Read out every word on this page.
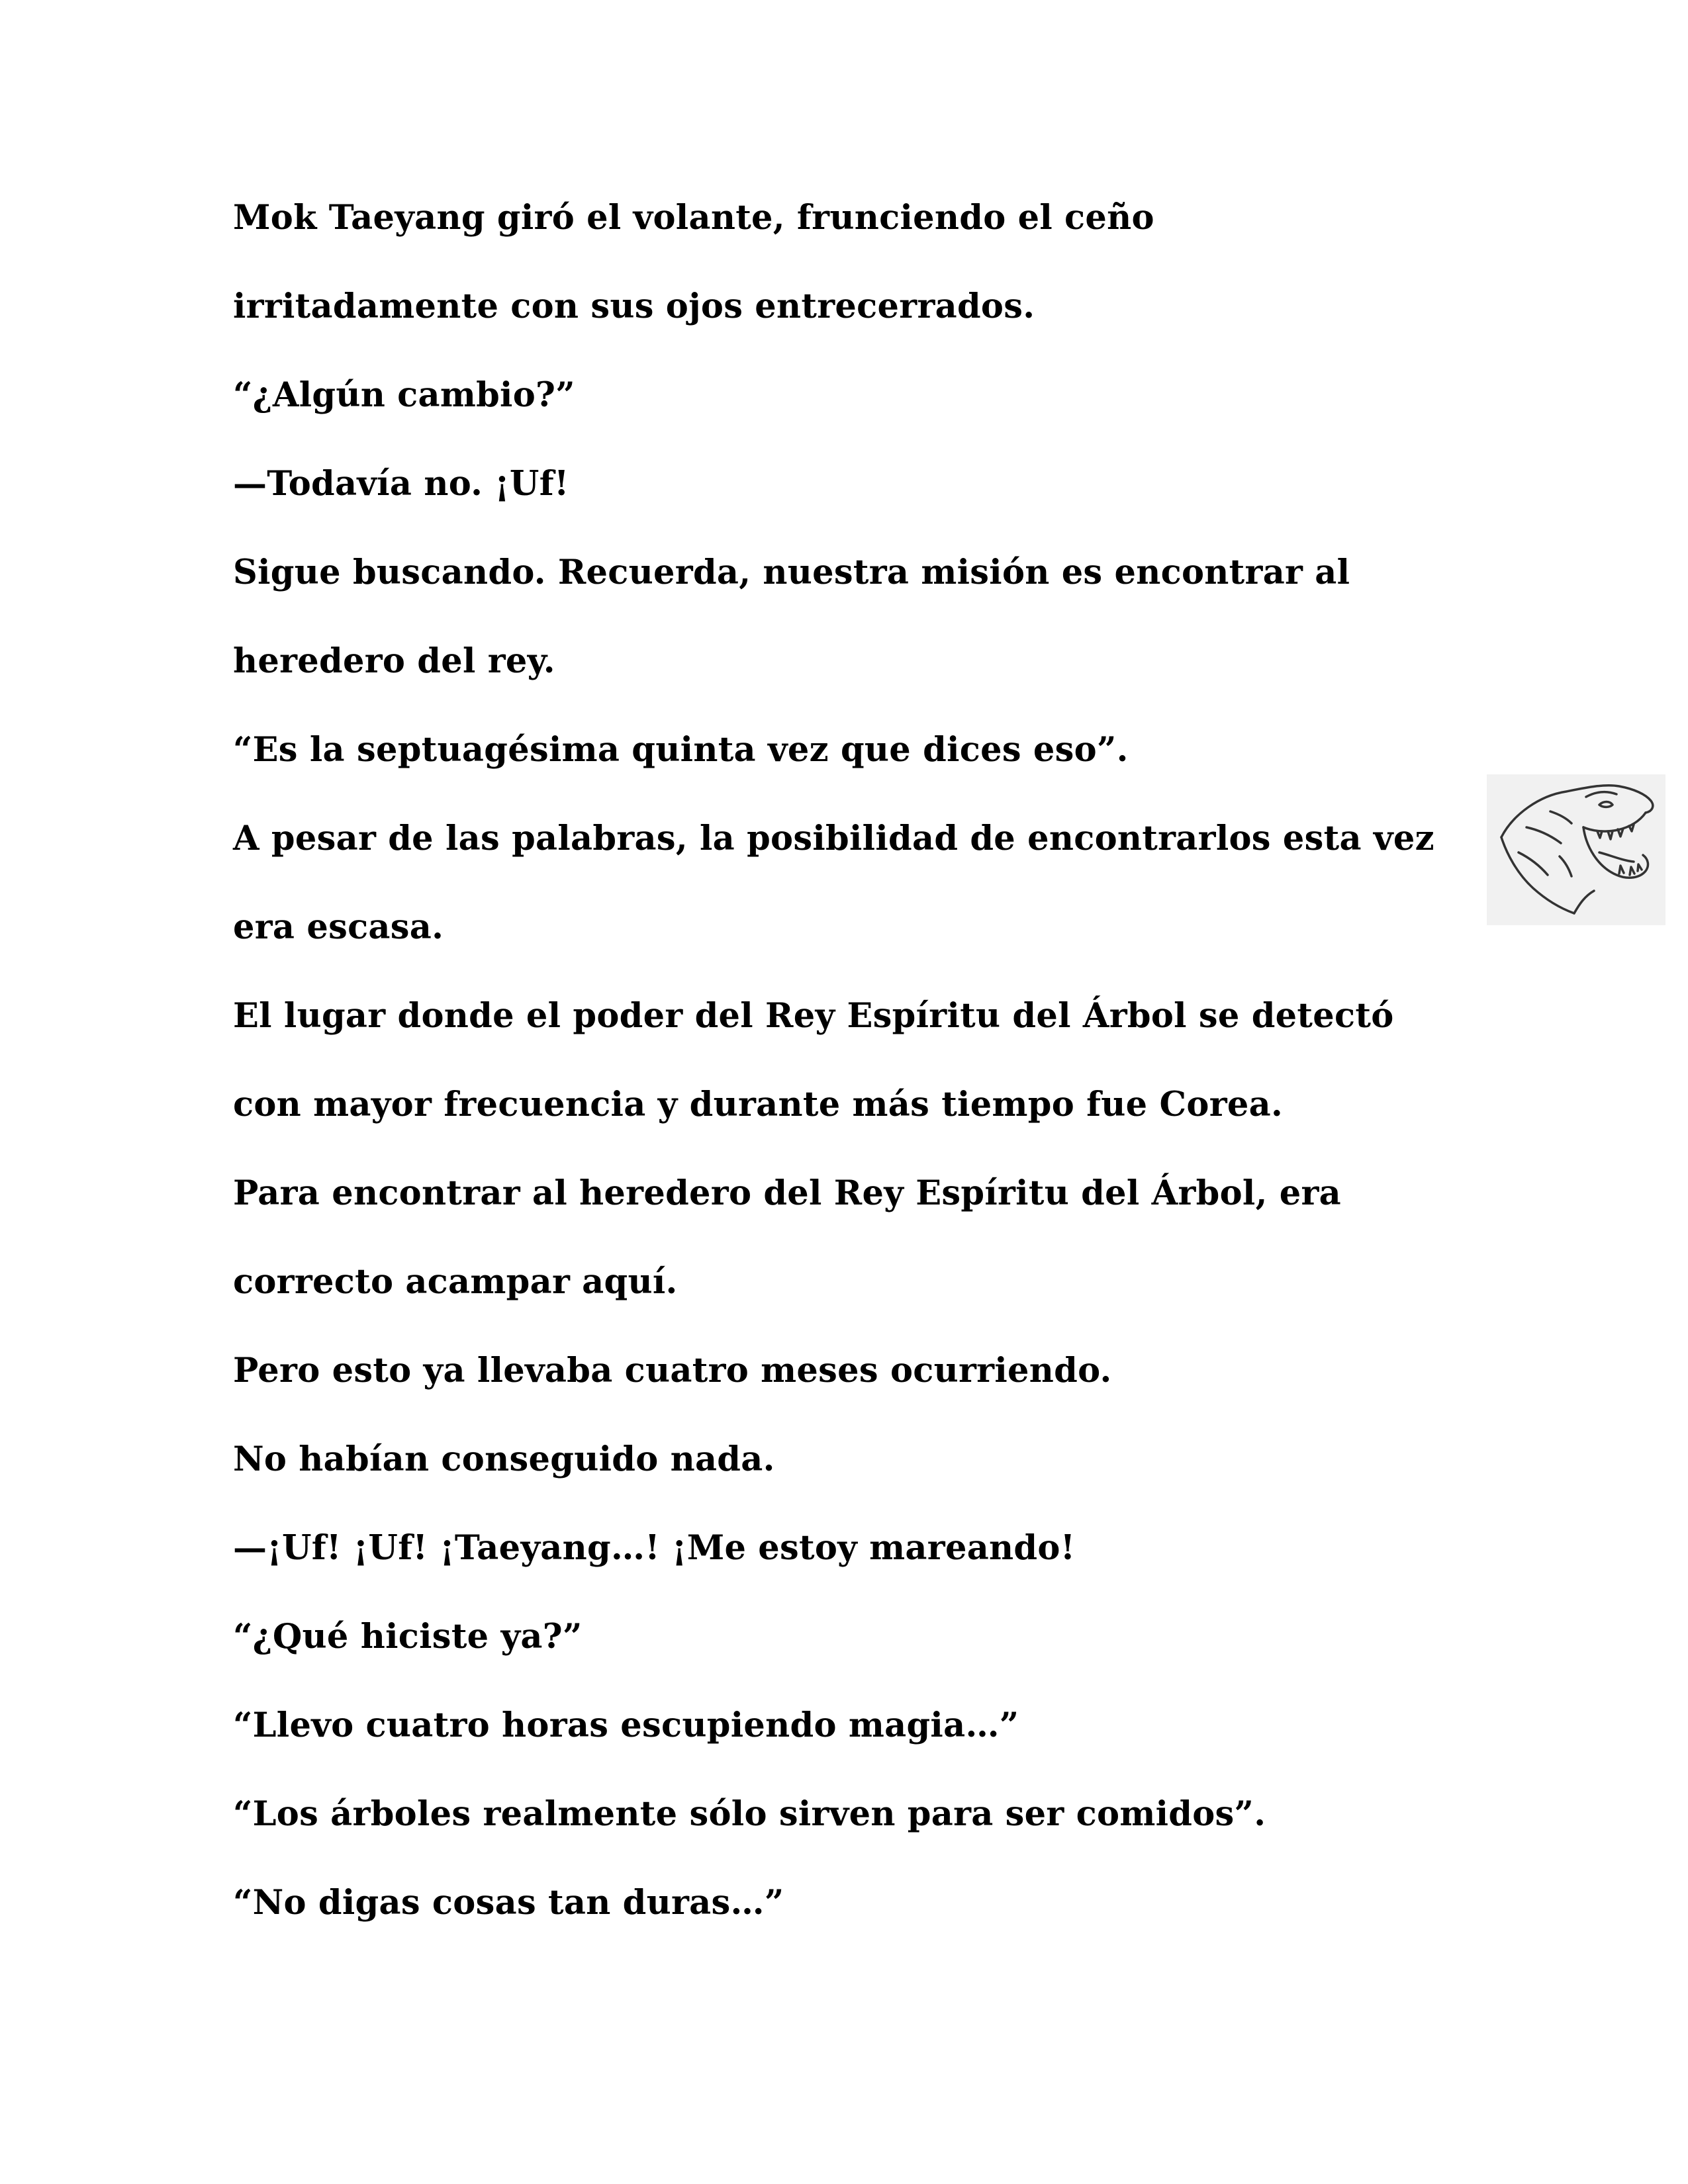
Mok Taeyang giró el volante, frunciendo el ceño

irritadamente con sus ojos entrecerrados.

“¿Algún cambio?”

—Todavía no. ¡Uf!

Sigue buscando. Recuerda, nuestra misión es encontrar al

heredero del rey.

“Es la septuagésima quinta vez que dices eso”.

A pesar de las palabras, la posibilidad de encontrarlos esta vez

era escasa.

El lugar donde el poder del Rey Espíritu del Árbol se detectó

con mayor frecuencia y durante más tiempo fue Corea.

Para encontrar al heredero del Rey Espíritu del Árbol, era

correcto acampar aquí.

Pero esto ya llevaba cuatro meses ocurriendo.

No habían conseguido nada.

—¡Uf! ¡Uf! ¡Taeyang…! ¡Me estoy mareando!

“¿Qué hiciste ya?”

“Llevo cuatro horas escupiendo magia…”

“Los árboles realmente sólo sirven para ser comidos”.

“No digas cosas tan duras…”
